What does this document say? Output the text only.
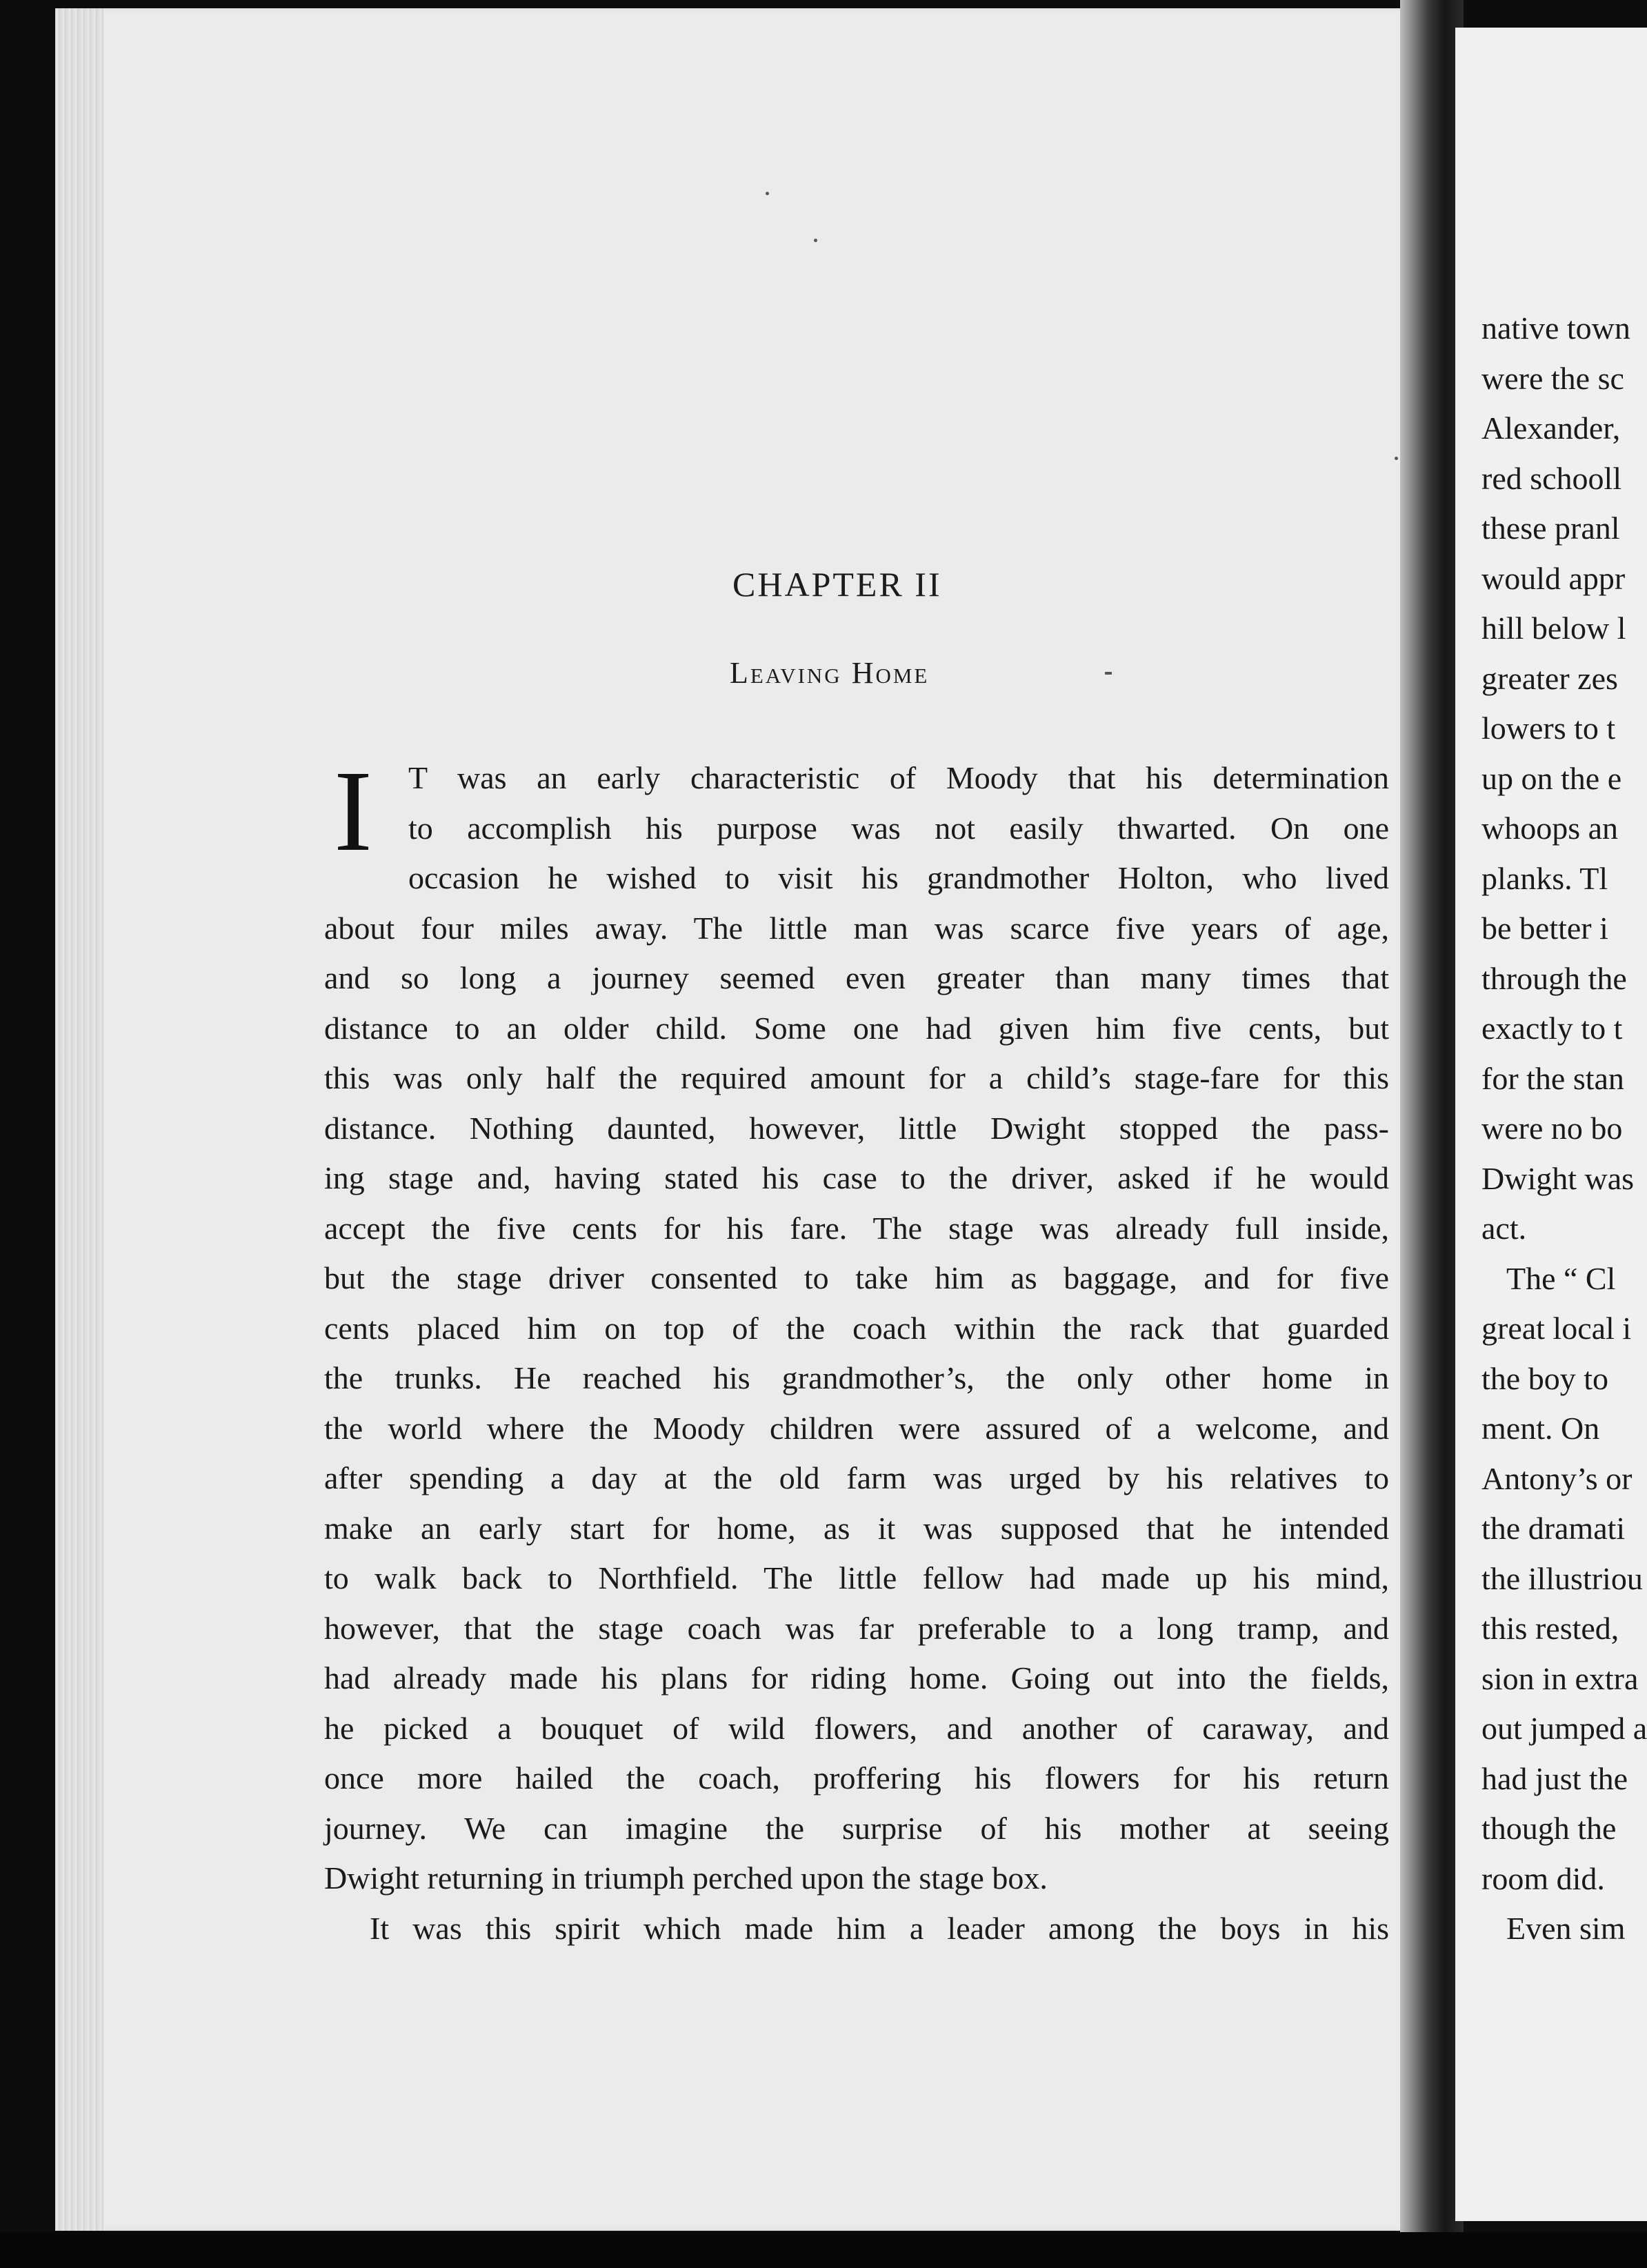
CHAPTER II
Leaving Home
I	T was an early characteristic of Moody that his determination
to accomplish his purpose was not easily thwarted. On one
occasion he wished to visit his grandmother Holton, who lived
about four miles away. The little man was scarce five years of age,
and so long a journey seemed even greater than many times that
distance to an older child. Some one had given him five cents, but
this was only half the required amount for a child’s stage-fare for this
distance. Nothing daunted, however, little Dwight stopped the pass-
ing stage and, having stated his case to the driver, asked if he would
accept the five cents for his fare. The stage was already full inside,
but the stage driver consented to take him as baggage, and for five
cents placed him on top of the coach within the rack that guarded
the trunks. He reached his grandmother’s, the only other home in
the world where the Moody children were assured of a welcome, and
after spending a day at the old farm was urged by his relatives to
make an early start for home, as it was supposed that he intended
to walk back to Northfield. The little fellow had made up his mind,
however, that the stage coach was far preferable to a long tramp, and
had already made his plans for riding home. Going out into the fields,
he picked a bouquet of wild flowers, and another of caraway, and
once more hailed the coach, proffering his flowers for his return
journey. We can imagine the surprise of his mother at seeing
Dwight returning in triumph perched upon the stage box.
It was this spirit which made him a leader among the boys in his
native town
were the sc
Alexander,
red schooll
these pranl
would appr
hill below l
greater zes
lowers to t
up on the e
whoops an
planks. Tl
be better i
through the
exactly to t
for the stan
were no bo
Dwight was
act.
The “ Cl
great local i
the boy to
ment. On
Antony’s or
the dramati
the illustriou
this rested,
sion in extra
out jumped a
had just the
though the
room did.
Even sim
